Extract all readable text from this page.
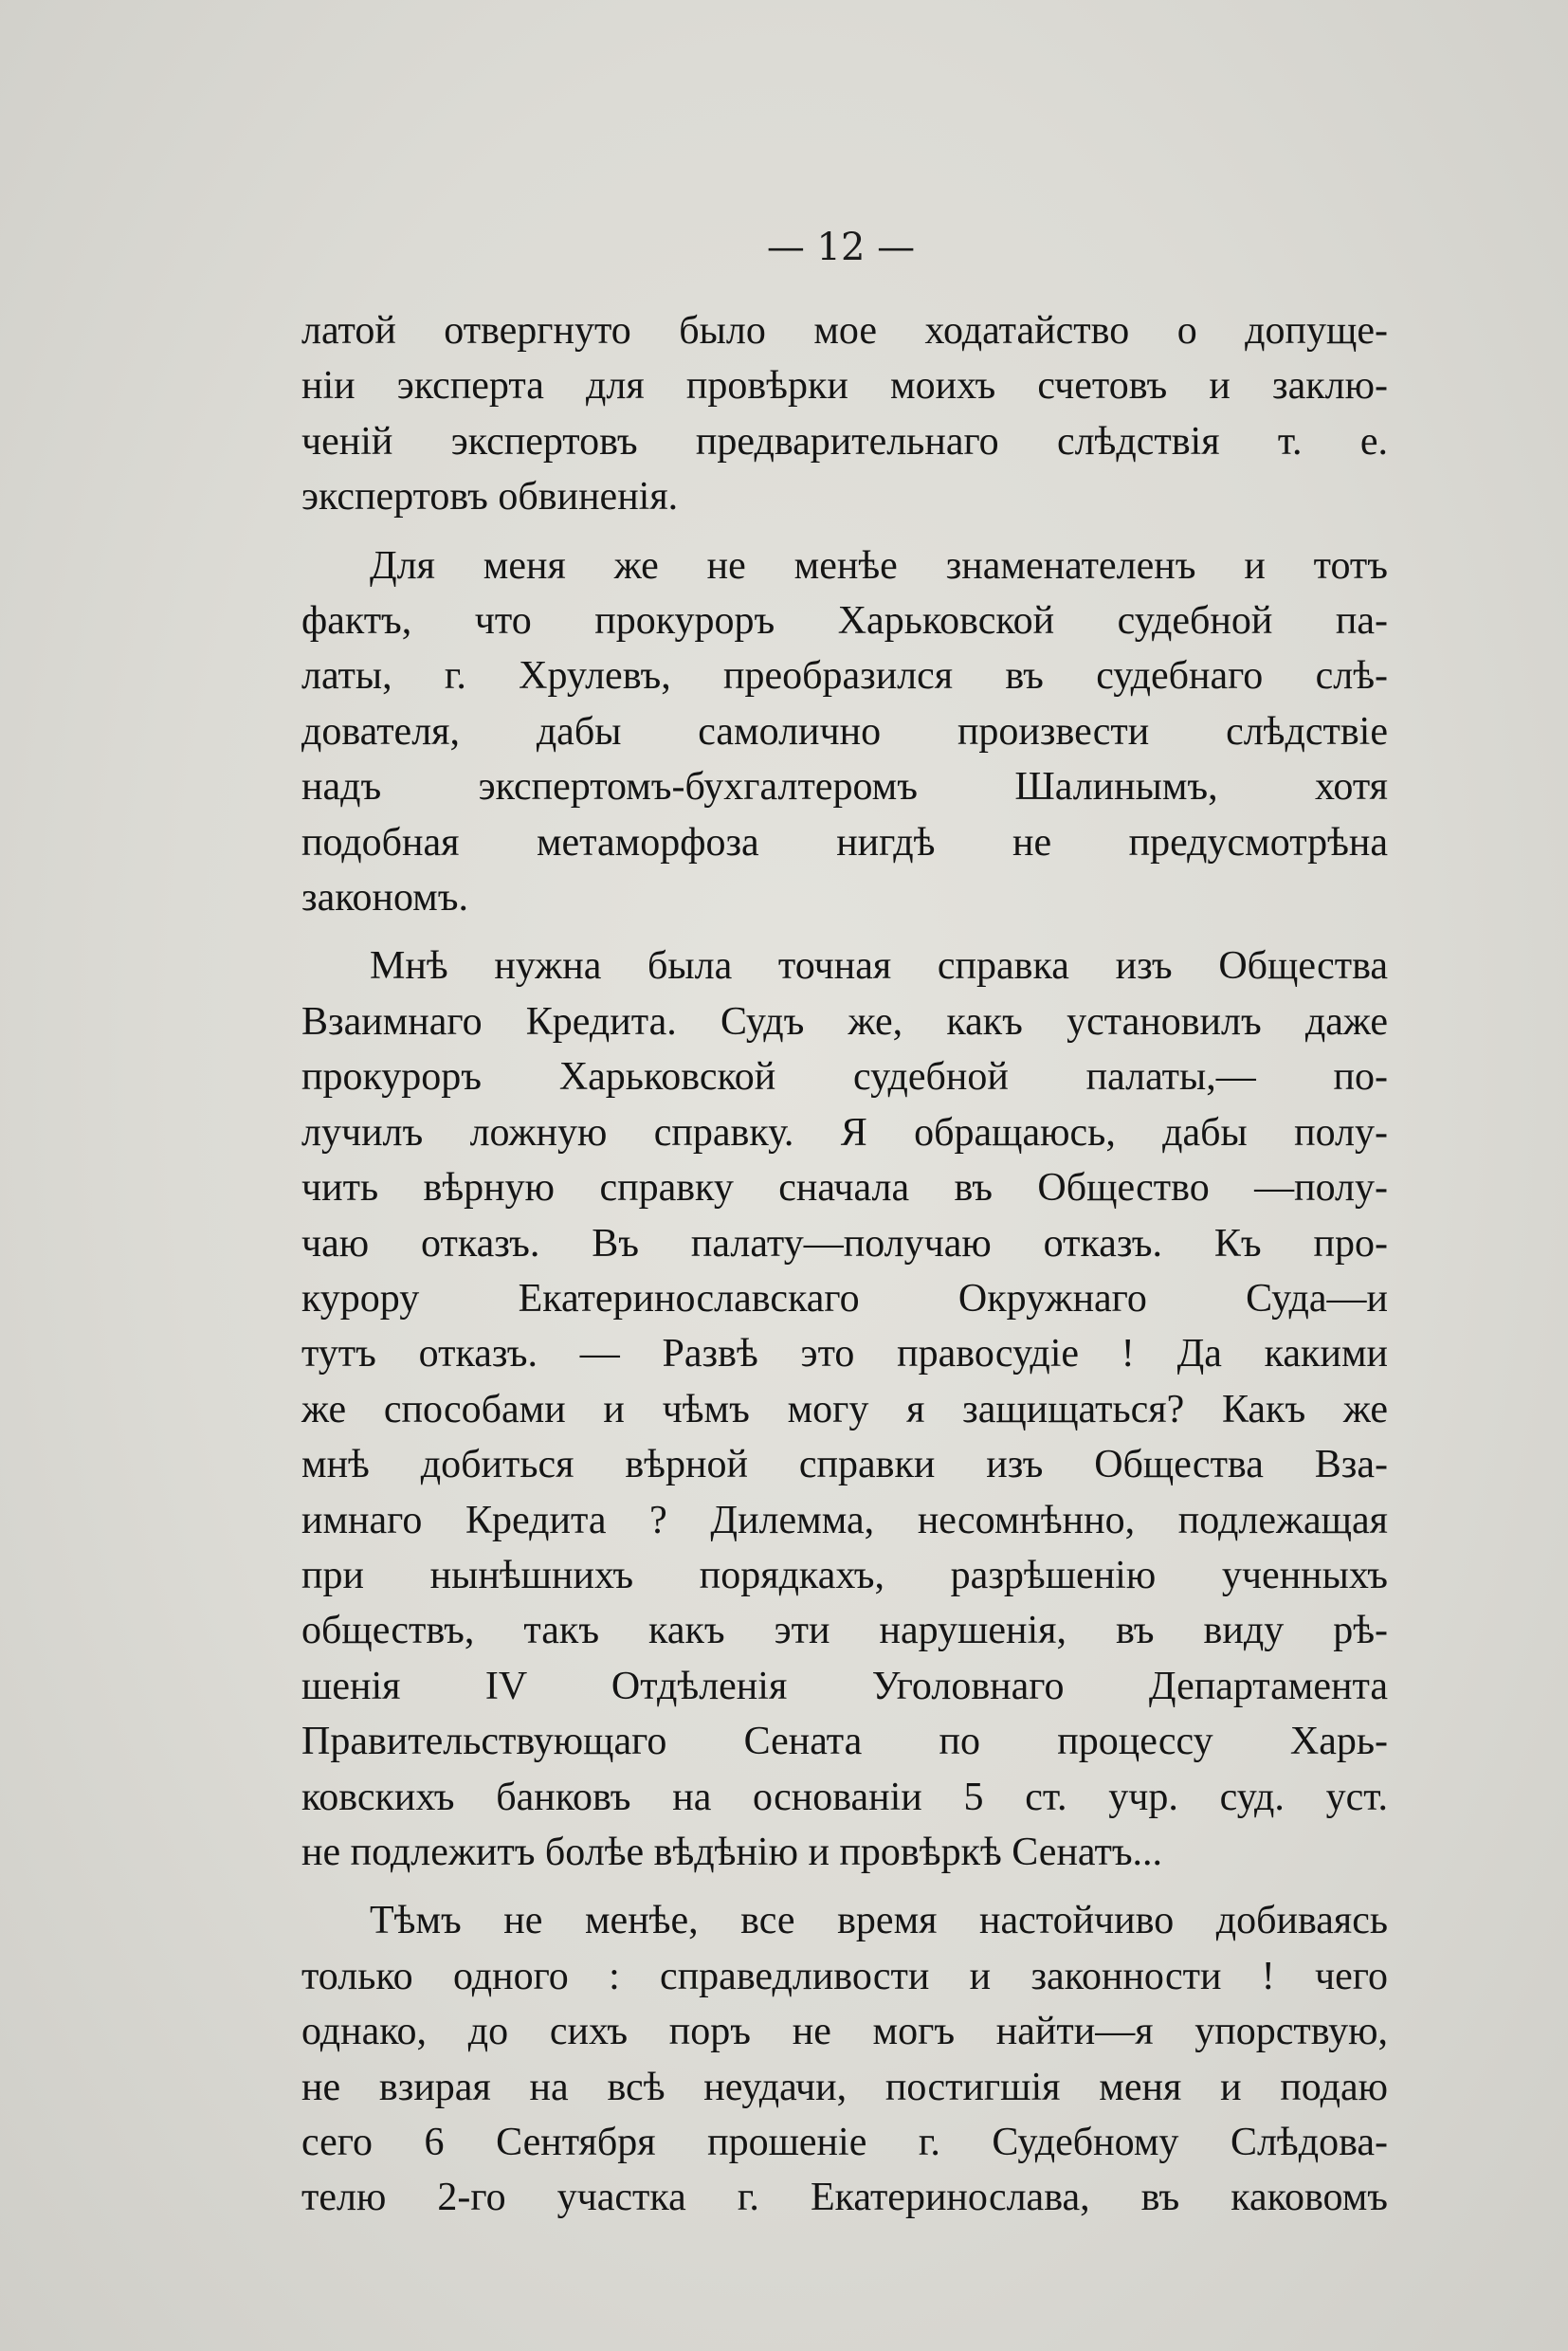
— 12 —
латой отвергнуто было мое ходатайство о допуще-
нiи эксперта для провѣрки моихъ счетовъ и заклю-
ченiй экспертовъ предварительнаго слѣдствiя т. е.
экспертовъ обвиненiя.
Для меня же не менѣе знаменателенъ и тотъ
фактъ, что прокуроръ Харьковской судебной па-
латы, г. Хрулевъ, преобразился въ судебнаго слѣ-
дователя, дабы самолично произвести слѣдствiе
надъ экспертомъ-бухгалтеромъ Шалинымъ, хотя
подобная метаморфоза нигдѣ не предусмотрѣна
закономъ.
Мнѣ нужна была точная справка изъ Общества
Взаимнаго Кредита. Судъ же, какъ установилъ даже
прокуроръ Харьковской судебной палаты,— по-
лучилъ ложную справку. Я обращаюсь, дабы полу-
чить вѣрную справку сначала въ Общество —полу-
чаю отказъ. Въ палату—получаю отказъ. Къ про-
курору Екатеринославскаго Окружнаго Суда—и
тутъ отказъ. — Развѣ это правосудiе ! Да какими
же способами и чѣмъ могу я защищаться? Какъ же
мнѣ добиться вѣрной справки изъ Общества Вза-
имнаго Кредита ? Дилемма, несомнѣнно, подлежащая
при нынѣшнихъ порядкахъ, разрѣшенiю ученныхъ
обществъ, такъ какъ эти нарушенiя, въ виду рѣ-
шенiя IV Отдѣленiя Уголовнаго Департамента
Правительствующаго Сената по процессу Харь-
ковскихъ банковъ на основанiи 5 ст. учр. суд. уст.
не подлежитъ болѣе вѣдѣнiю и провѣркѣ Сенатъ...
Тѣмъ не менѣе, все время настойчиво добиваясь
только одного : справедливости и законности ! чего
однако, до сихъ поръ не могъ найти—я упорствую,
не взирая на всѣ неудачи, постигшiя меня и подаю
сего 6 Сентября прошенiе г. Судебному Слѣдова-
телю 2-го участка г. Екатеринослава, въ каковомъ
